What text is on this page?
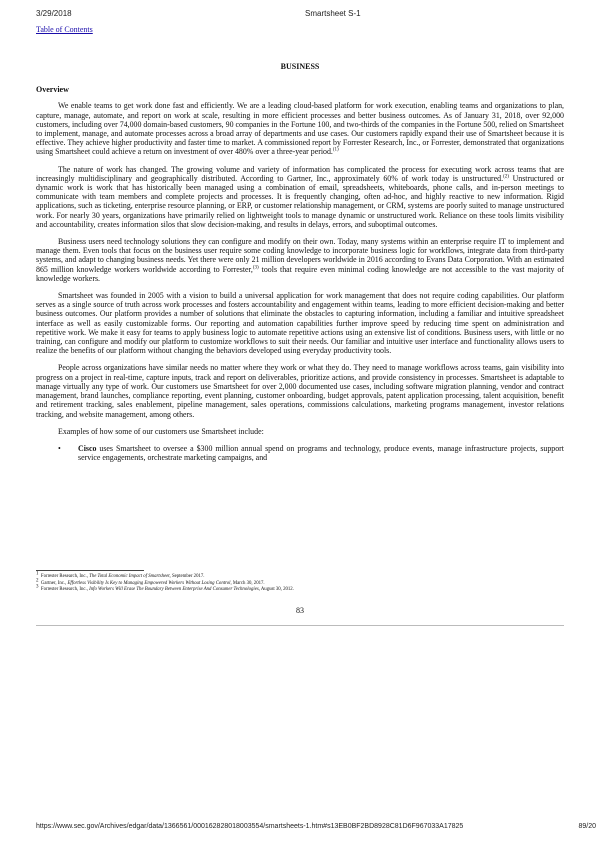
3/29/2018	Smartsheet S-1
Table of Contents
BUSINESS
Overview

We enable teams to get work done fast and efficiently. We are a leading cloud-based platform for work execution, enabling teams and organizations to plan, capture, manage, automate, and report on work at scale, resulting in more efficient processes and better business outcomes. As of January 31, 2018, over 92,000 customers, including over 74,000 domain-based customers, 90 companies in the Fortune 100, and two-thirds of the companies in the Fortune 500, relied on Smartsheet to implement, manage, and automate processes across a broad array of departments and use cases. Our customers rapidly expand their use of Smartsheet because it is effective. They achieve higher productivity and faster time to market. A commissioned report by Forrester Research, Inc., or Forrester, demonstrated that organizations using Smartsheet could achieve a return on investment of over 480% over a three-year period.$^{(1)}$

The nature of work has changed. The growing volume and variety of information has complicated the process for executing work across teams that are increasingly multidisciplinary and geographically distributed. According to Gartner, Inc., approximately 60% of work today is unstructured.$^{(2)}$ Unstructured or dynamic work is work that has historically been managed using a combination of email, spreadsheets, whiteboards, phone calls, and in-person meetings to communicate with team members and complete projects and processes. It is frequently changing, often ad-hoc, and highly reactive to new information. Rigid applications, such as ticketing, enterprise resource planning, or ERP, or customer relationship management, or CRM, systems are poorly suited to manage unstructured work. For nearly 30 years, organizations have primarily relied on lightweight tools to manage dynamic or unstructured work. Reliance on these tools limits visibility and accountability, creates information silos that slow decision-making, and results in delays, errors, and suboptimal outcomes.

Business users need technology solutions they can configure and modify on their own. Today, many systems within an enterprise require IT to implement and manage them. Even tools that focus on the business user require some coding knowledge to incorporate business logic for workflows, integrate data from third-party systems, and adapt to changing business needs. Yet there were only 21 million developers worldwide in 2016 according to Evans Data Corporation. With an estimated 865 million knowledge workers worldwide according to Forrester,$^{(3)}$ tools that require even minimal coding knowledge are not accessible to the vast majority of knowledge workers.

Smartsheet was founded in 2005 with a vision to build a universal application for work management that does not require coding capabilities. Our platform serves as a single source of truth across work processes and fosters accountability and engagement within teams, leading to more efficient decision-making and better business outcomes. Our platform provides a number of solutions that eliminate the obstacles to capturing information, including a familiar and intuitive spreadsheet interface as well as easily customizable forms. Our reporting and automation capabilities further improve speed by reducing time spent on administration and repetitive work. We make it easy for teams to apply business logic to automate repetitive actions using an extensive list of conditions. Business users, with little or no training, can configure and modify our platform to customize workflows to suit their needs. Our familiar and intuitive user interface and functionality allows users to realize the benefits of our platform without changing the behaviors developed using everyday productivity tools.

People across organizations have similar needs no matter where they work or what they do. They need to manage workflows across teams, gain visibility into progress on a project in real-time, capture inputs, track and report on deliverables, prioritize actions, and provide consistency in processes. Smartsheet is adaptable to manage virtually any type of work. Our customers use Smartsheet for over 2,000 documented use cases, including software migration planning, vendor and contract management, brand launches, compliance reporting, event planning, customer onboarding, budget approvals, patent application processing, talent acquisition, benefit and retirement tracking, sales enablement, pipeline management, sales operations, commissions calculations, marketing programs management, investor relations tracking, and website management, among others.

Examples of how some of our customers use Smartsheet include:

•	Cisco uses Smartsheet to oversee a $300 million annual spend on programs and technology, produce events, manage infrastructure projects, support service engagements, orchestrate marketing campaigns, and
$^1$  Forrester Research, Inc., The Total Economic Impact of Smartsheet, September 2017.
$^2$  Gartner, Inc., Effortless Visibility Is Key to Managing Empowered Workers Without Losing Control, March 30, 2017.
$^3$  Forrester Research, Inc., Info Workers Will Erase The Boundary Between Enterprise And Consumer Technologies, August 30, 2012.
83
https://www.sec.gov/Archives/edgar/data/1366561/000162828018003554/smartsheets-1.htm#s13EB0BF2BD8928C81D6F967033A17825	89/20
